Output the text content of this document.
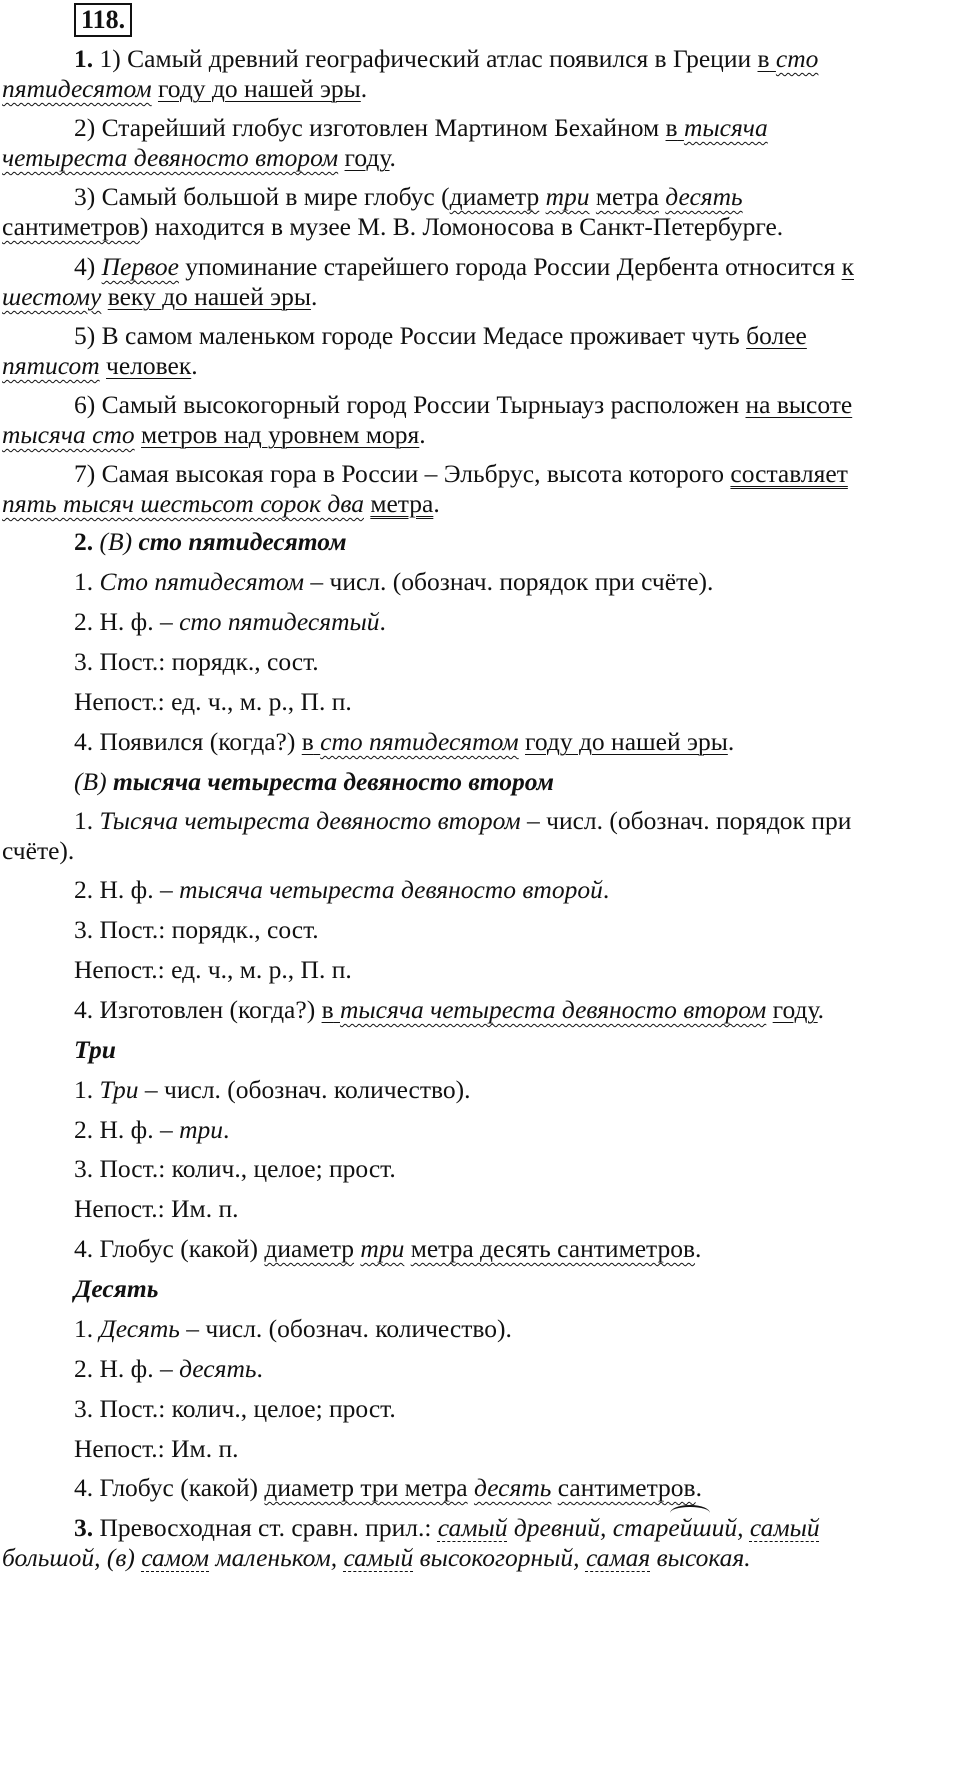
118.
1. 1) Самый древний географический атлас появился в Греции в сто
пятидесятом году до нашей эры.
2) Старейший глобус изготовлен Мартином Бехайном в тысяча
четыреста девяносто втором году.
3) Самый большой в мире глобус (диаметр три метра десять
сантиметров) находится в музее М. В. Ломоносова в Санкт-Петербурге.
4) Первое упоминание старейшего города России Дербента относится к
шестому веку до нашей эры.
5) В самом маленьком городе России Медасе проживает чуть более
пятисот человек.
6) Самый высокогорный город России Тырныауз расположен на высоте
тысяча сто метров над уровнем моря.
7) Самая высокая гора в России – Эльбрус, высота которого составляет
пять тысяч шестьсот сорок два метра.
2. (В) сто пятидесятом
1. Сто пятидесятом – числ. (обознач. порядок при счёте).
2. Н. ф. – сто пятидесятый.
3. Пост.: порядк., сост.
Непост.: ед. ч., м. р., П. п.
4. Появился (когда?) в сто пятидесятом году до нашей эры.
(В) тысяча четыреста девяносто втором
1. Тысяча четыреста девяносто втором – числ. (обознач. порядок при
счёте).
2. Н. ф. – тысяча четыреста девяносто второй.
3. Пост.: порядк., сост.
Непост.: ед. ч., м. р., П. п.
4. Изготовлен (когда?) в тысяча четыреста девяносто втором году.
Три
1. Три – числ. (обознач. количество).
2. Н. ф. – три.
3. Пост.: колич., целое; прост.
Непост.: Им. п.
4. Глобус (какой) диаметр три метра десять сантиметров.
Десять
1. Десять – числ. (обознач. количество).
2. Н. ф. – десять.
3. Пост.: колич., целое; прост.
Непост.: Им. п.
4. Глобус (какой) диаметр три метра десять сантиметров.
3. Превосходная ст. сравн. прил.: самый древний, старейший, самый
большой, (в) самом маленьком, самый высокогорный, самая высокая.
